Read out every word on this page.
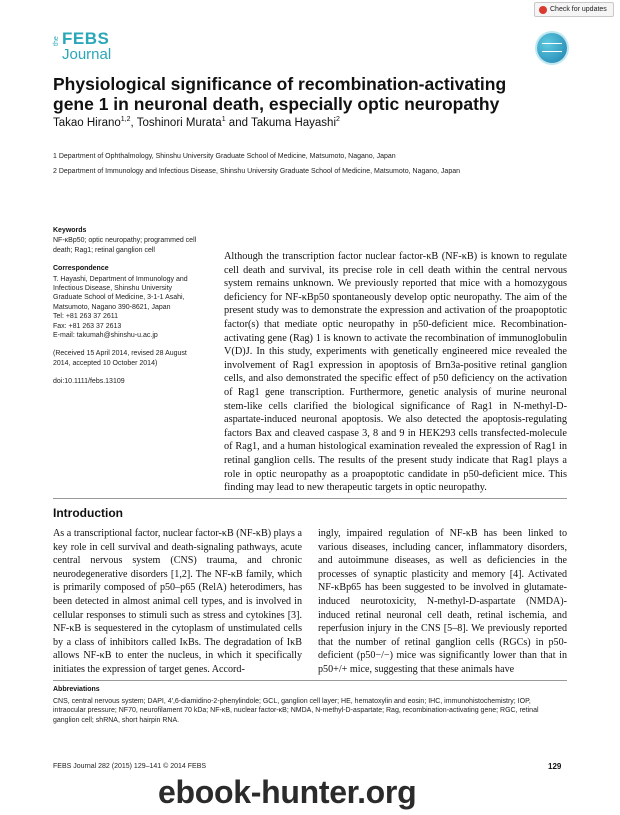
Check for updates
the FEBS
Journal
Physiological significance of recombination-activating
gene 1 in neuronal death, especially optic neuropathy
Takao Hirano$^{1,2}$, Toshinori Murata$^1$ and Takuma Hayashi$^2$
1 Department of Ophthalmology, Shinshu University Graduate School of Medicine, Matsumoto, Nagano, Japan
2 Department of Immunology and Infectious Disease, Shinshu University Graduate School of Medicine, Matsumoto, Nagano, Japan
Keywords
NF-κBp50; optic neuropathy; programmed cell death; Rag1; retinal ganglion cell
Correspondence
T. Hayashi, Department of Immunology and
Infectious Disease, Shinshu University
Graduate School of Medicine, 3-1-1 Asahi,
Matsumoto, Nagano 390-8621, Japan
Tel: +81 263 37 2611
Fax: +81 263 37 2613
E-mail: takumah@shinshu-u.ac.jp
(Received 15 April 2014, revised 28 August 2014, accepted 10 October 2014)
doi:10.1111/febs.13109
Although the transcription factor nuclear factor-κB (NF-κB) is known to regulate cell death and survival, its precise role in cell death within the central nervous system remains unknown. We previously reported that mice with a homozygous deficiency for NF-κBp50 spontaneously develop optic neuropathy. The aim of the present study was to demonstrate the expression and activation of the proapoptotic factor(s) that mediate optic neuropathy in p50-deficient mice. Recombination-activating gene (Rag) 1 is known to activate the recombination of immunoglobulin V(D)J. In this study, experiments with genetically engineered mice revealed the involvement of Rag1 expression in apoptosis of Brn3a-positive retinal ganglion cells, and also demonstrated the specific effect of p50 deficiency on the activation of Rag1 gene transcription. Furthermore, genetic analysis of murine neuronal stem-like cells clarified the biological significance of Rag1 in N-methyl-D-aspartate-induced neuronal apoptosis. We also detected the apoptosis-regulating factors Bax and cleaved caspase 3, 8 and 9 in HEK293 cells transfected-molecule of Rag1, and a human histological examination revealed the expression of Rag1 in retinal ganglion cells. The results of the present study indicate that Rag1 plays a role in optic neuropathy as a proapoptotic candidate in p50-deficient mice. This finding may lead to new therapeutic targets in optic neuropathy.
Introduction
As a transcriptional factor, nuclear factor-κB (NF-κB) plays a key role in cell survival and death-signaling pathways, acute central nervous system (CNS) trauma, and chronic neurodegenerative disorders [1,2]. The NF-κB family, which is primarily composed of p50–p65 (RelA) heterodimers, has been detected in almost animal cell types, and is involved in cellular responses to stimuli such as stress and cytokines [3]. NF-κB is sequestered in the cytoplasm of unstimulated cells by a class of inhibitors called IκBs. The degradation of IκB allows NF-κB to enter the nucleus, in which it specifically initiates the expression of target genes. Accord-
ingly, impaired regulation of NF-κB has been linked to various diseases, including cancer, inflammatory disorders, and autoimmune diseases, as well as deficiencies in the processes of synaptic plasticity and memory [4]. Activated NF-κBp65 has been suggested to be involved in glutamate-induced neurotoxicity, N-methyl-D-aspartate (NMDA)-induced retinal neuronal cell death, retinal ischemia, and reperfusion injury in the CNS [5–8]. We previously reported that the number of retinal ganglion cells (RGCs) in p50-deficient (p50−/−) mice was significantly lower than that in p50+/+ mice, suggesting that these animals have
Abbreviations
CNS, central nervous system; DAPI, 4′,6-diamidino-2-phenylindole; GCL, ganglion cell layer; HE, hematoxylin and eosin; IHC, immunohistochemistry; IOP, intraocular pressure; NF70, neurofilament 70 kDa; NF-κB, nuclear factor-κB; NMDA, N-methyl-D-aspartate; Rag, recombination-activating gene; RGC, retinal ganglion cell; shRNA, short hairpin RNA.
FEBS Journal 282 (2015) 129–141 © 2014 FEBS	129
ebook-hunter.org
